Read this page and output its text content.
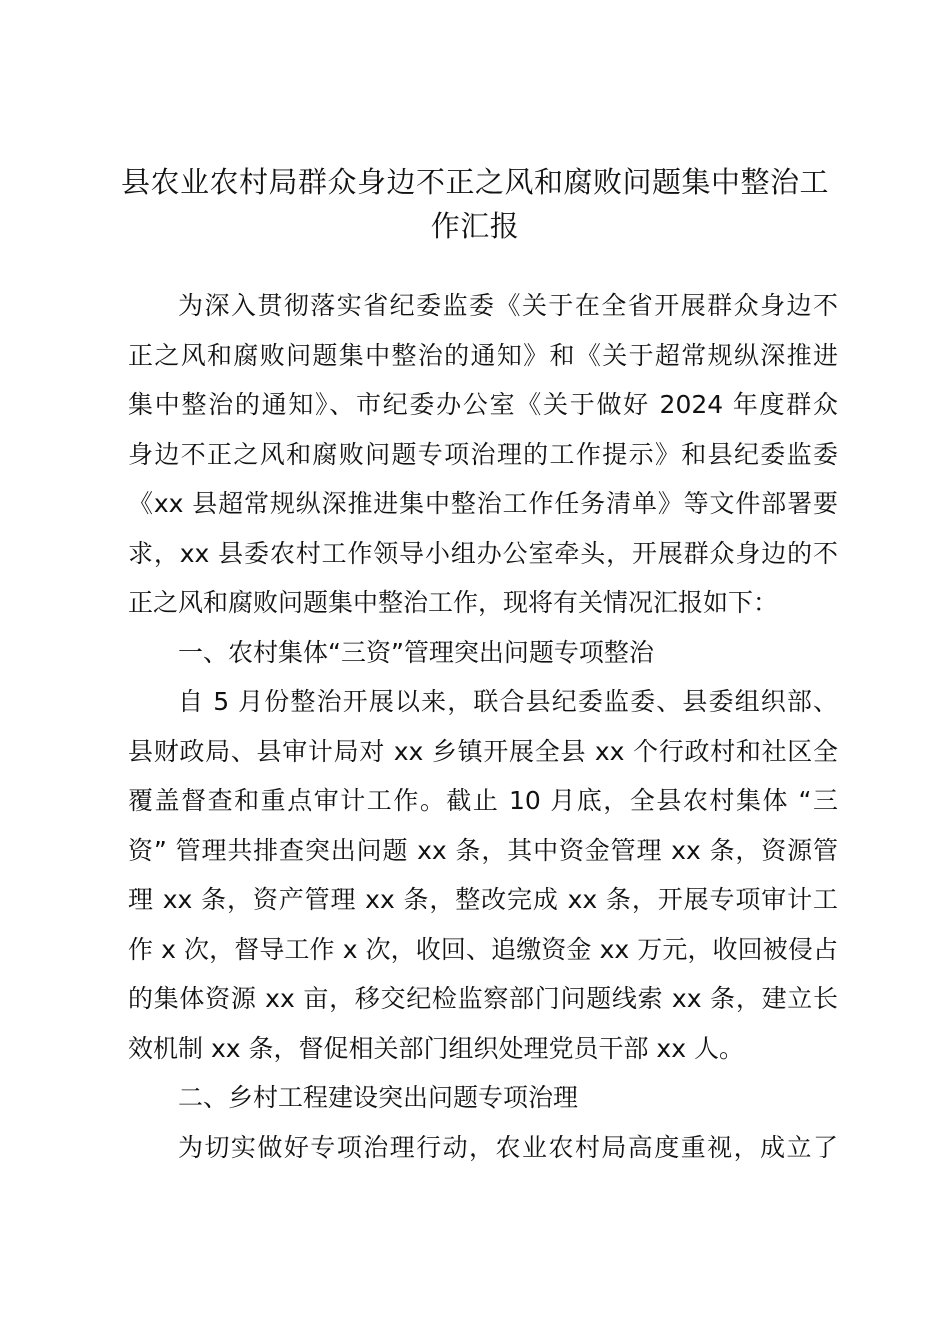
县农业农村局群众身边不正之风和腐败问题集中整治工
作汇报
为深入贯彻落实省纪委监委《关于在全省开展群众身边不
正之风和腐败问题集中整治的通知》和《关于超常规纵深推进
集中整治的通知》、市纪委办公室《关于做好 2024 年度群众
身边不正之风和腐败问题专项治理的工作提示》和县纪委监委
《xx 县超常规纵深推进集中整治工作任务清单》等文件部署要
求，xx 县委农村工作领导小组办公室牵头，开展群众身边的不
正之风和腐败问题集中整治工作，现将有关情况汇报如下：
一、农村集体“三资”管理突出问题专项整治
自 5 月份整治开展以来，联合县纪委监委、县委组织部、
县财政局、县审计局对 xx 乡镇开展全县 xx 个行政村和社区全
覆盖督查和重点审计工作。截止 10 月底，全县农村集体 “三
资” 管理共排查突出问题 xx 条，其中资金管理 xx 条，资源管
理 xx 条，资产管理 xx 条，整改完成 xx 条，开展专项审计工
作 x 次，督导工作 x 次，收回、追缴资金 xx 万元，收回被侵占
的集体资源 xx 亩，移交纪检监察部门问题线索 xx 条，建立长
效机制 xx 条，督促相关部门组织处理党员干部 xx 人。
二、乡村工程建设突出问题专项治理
为切实做好专项治理行动，农业农村局高度重视，成立了
